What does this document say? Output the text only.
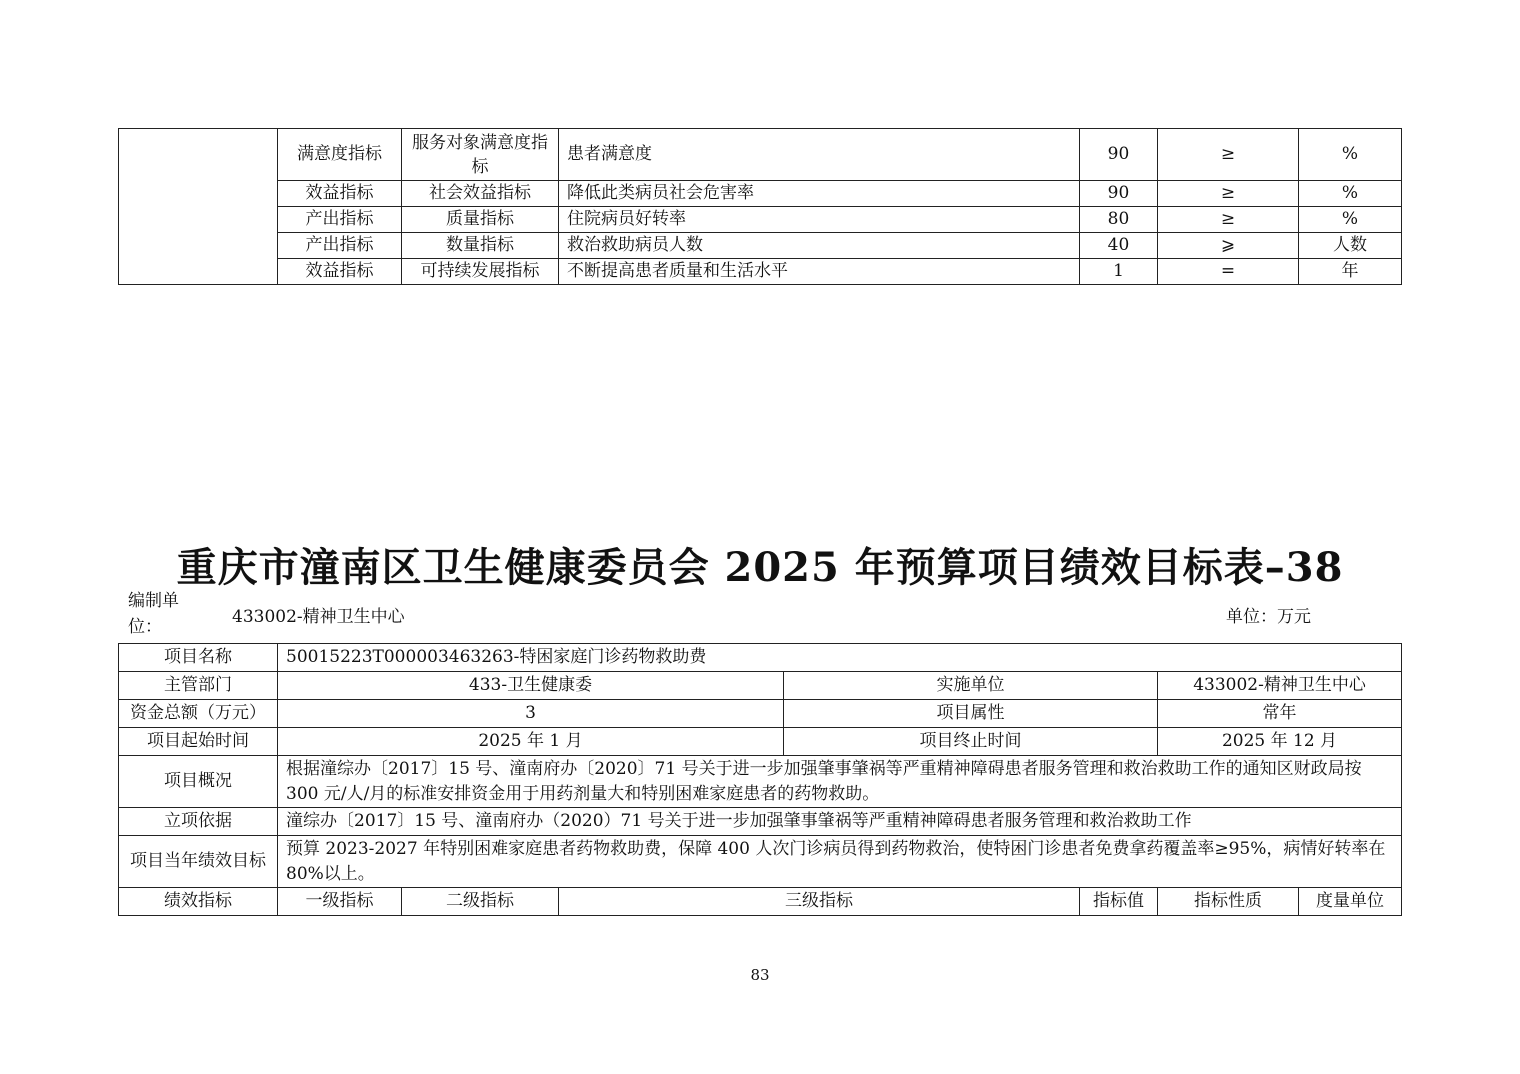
	满意度指标	服务对象满意度指标	患者满意度	90	≥	%
	效益指标	社会效益指标	降低此类病员社会危害率	90	≥	%
	产出指标	质量指标	住院病员好转率	80	≥	%
	产出指标	数量指标	救治救助病员人数	40	⩾	人数
	效益指标	可持续发展指标	不断提高患者质量和生活水平	1	=	年
重庆市潼南区卫生健康委员会 2025 年预算项目绩效目标表–38
编制单位：	433002-精神卫生中心	单位：万元
项目名称	50015223T000003463263-特困家庭门诊药物救助费						
主管部门	433-卫生健康委			实施单位		433002-精神卫生中心	
资金总额（万元）	3			项目属性		常年	
项目起始时间	2025 年 1 月			项目终止时间		2025 年 12 月	
项目概况	根据潼综办〔2017〕15 号、潼南府办〔2020〕71 号关于进一步加强肇事肇祸等严重精神障碍患者服务管理和救治救助工作的通知区财政局按 300 元/人/月的标准安排资金用于用药剂量大和特别困难家庭患者的药物救助。						
立项依据	潼综办〔2017〕15 号、潼南府办（2020）71 号关于进一步加强肇事肇祸等严重精神障碍患者服务管理和救治救助工作						
项目当年绩效目标	预算 2023-2027 年特别困难家庭患者药物救助费，保障 400 人次门诊病员得到药物救治，使特困门诊患者免费拿药覆盖率≥95%，病情好转率在 80%以上。						
绩效指标	一级指标	二级指标	三级指标		指标值	指标性质	度量单位
83
